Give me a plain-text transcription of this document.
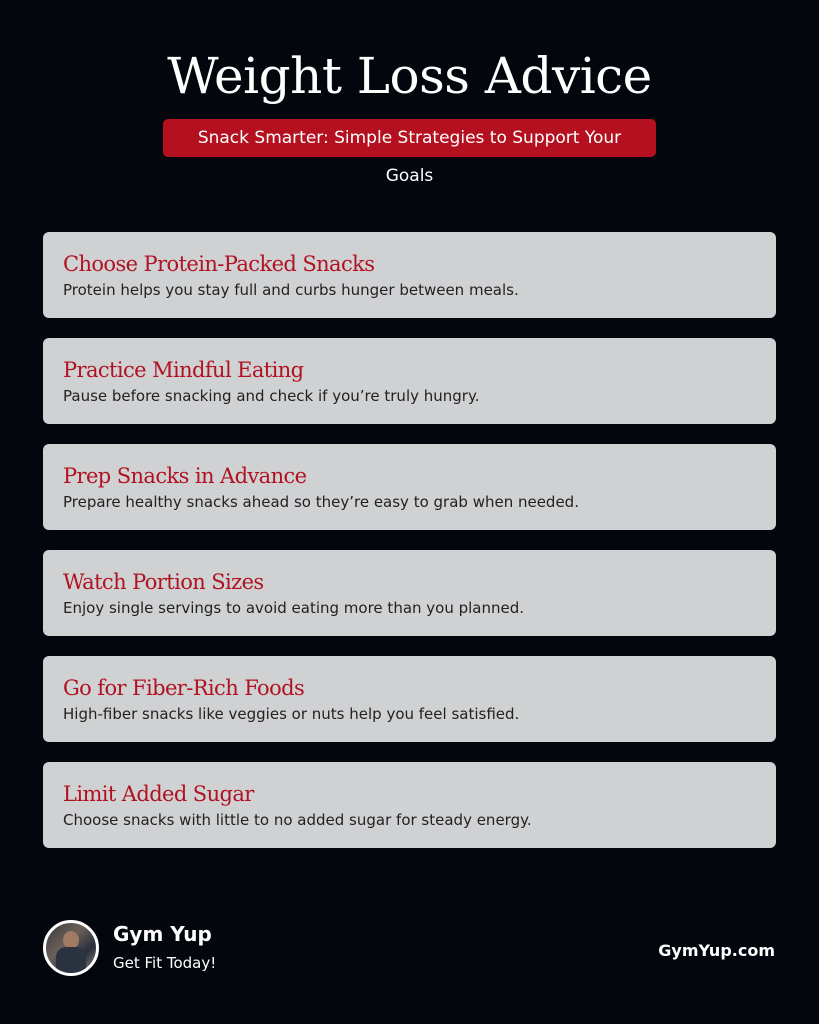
Weight Loss Advice
Snack Smarter: Simple Strategies to Support Your Goals
Choose Protein-Packed Snacks
Protein helps you stay full and curbs hunger between meals.
Practice Mindful Eating
Pause before snacking and check if you’re truly hungry.
Prep Snacks in Advance
Prepare healthy snacks ahead so they’re easy to grab when needed.
Watch Portion Sizes
Enjoy single servings to avoid eating more than you planned.
Go for Fiber-Rich Foods
High-fiber snacks like veggies or nuts help you feel satisfied.
Limit Added Sugar
Choose snacks with little to no added sugar for steady energy.
Gym Yup
Get Fit Today!
GymYup.com
